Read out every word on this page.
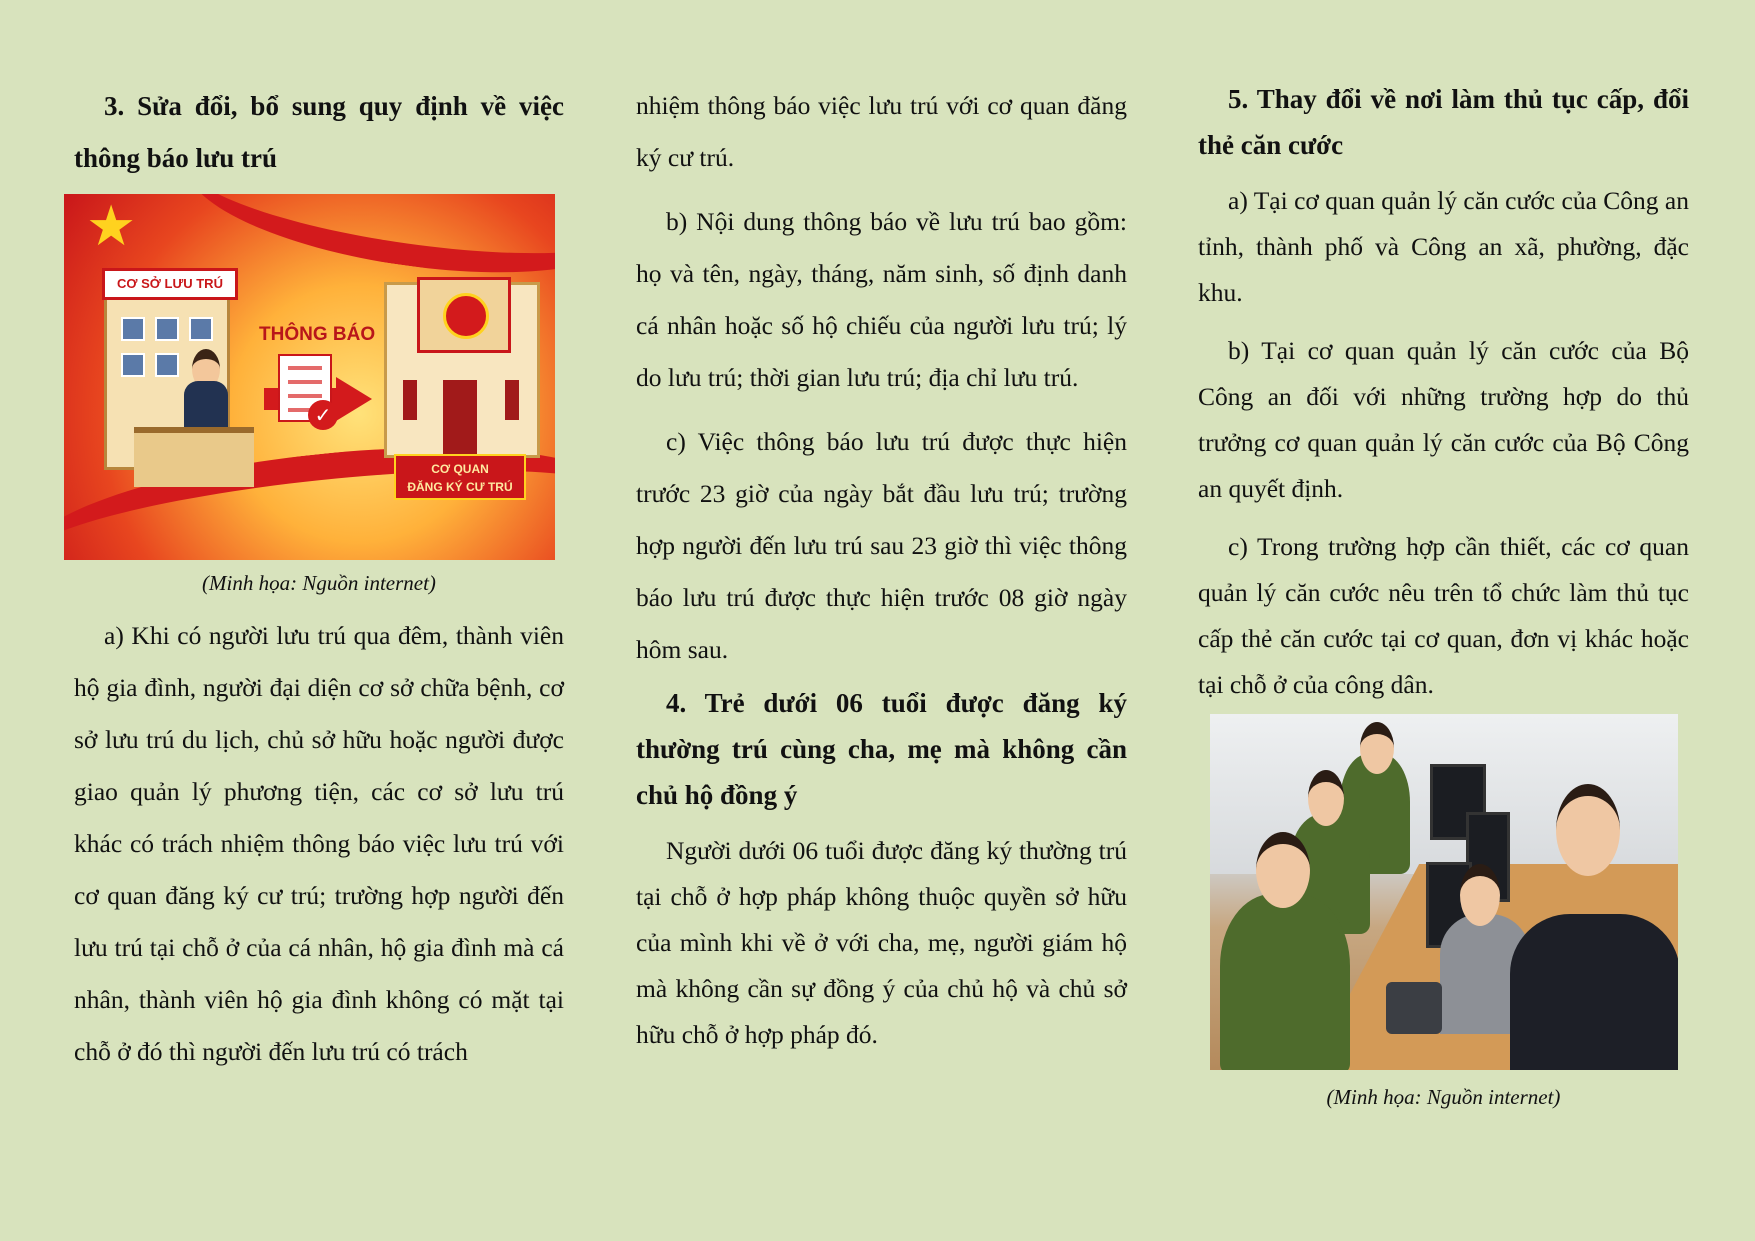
3. Sửa đổi, bổ sung quy định về việc thông báo lưu trú

★
CƠ SỞ LƯU TRÚ
THÔNG BÁO
✓
CƠ QUAN
ĐĂNG KÝ CƯ TRÚ

(Minh họa: Nguồn internet)

a) Khi có người lưu trú qua đêm, thành viên hộ gia đình, người đại diện cơ sở chữa bệnh, cơ sở lưu trú du lịch, chủ sở hữu hoặc người được giao quản lý phương tiện, các cơ sở lưu trú khác có trách nhiệm thông báo việc lưu trú với cơ quan đăng ký cư trú; trường hợp người đến lưu trú tại chỗ ở của cá nhân, hộ gia đình mà cá nhân, thành viên hộ gia đình không có mặt tại chỗ ở đó thì người đến lưu trú có trách

nhiệm thông báo việc lưu trú với cơ quan đăng ký cư trú.

b) Nội dung thông báo về lưu trú bao gồm: họ và tên, ngày, tháng, năm sinh, số định danh cá nhân hoặc số hộ chiếu của người lưu trú; lý do lưu trú; thời gian lưu trú; địa chỉ lưu trú.

c) Việc thông báo lưu trú được thực hiện trước 23 giờ của ngày bắt đầu lưu trú; trường hợp người đến lưu trú sau 23 giờ thì việc thông báo lưu trú được thực hiện trước 08 giờ ngày hôm sau.

4. Trẻ dưới 06 tuổi được đăng ký thường trú cùng cha, mẹ mà không cần chủ hộ đồng ý

Người dưới 06 tuổi được đăng ký thường trú tại chỗ ở hợp pháp không thuộc quyền sở hữu của mình khi về ở với cha, mẹ, người giám hộ mà không cần sự đồng ý của chủ hộ và chủ sở hữu chỗ ở hợp pháp đó.

5. Thay đổi về nơi làm thủ tục cấp, đổi thẻ căn cước

a) Tại cơ quan quản lý căn cước của Công an tỉnh, thành phố và Công an xã, phường, đặc khu.

b) Tại cơ quan quản lý căn cước của Bộ Công an đối với những trường hợp do thủ trưởng cơ quan quản lý căn cước của Bộ Công an quyết định.

c) Trong trường hợp cần thiết, các cơ quan quản lý căn cước nêu trên tổ chức làm thủ tục cấp thẻ căn cước tại cơ quan, đơn vị khác hoặc tại chỗ ở của công dân.

(Minh họa: Nguồn internet)
